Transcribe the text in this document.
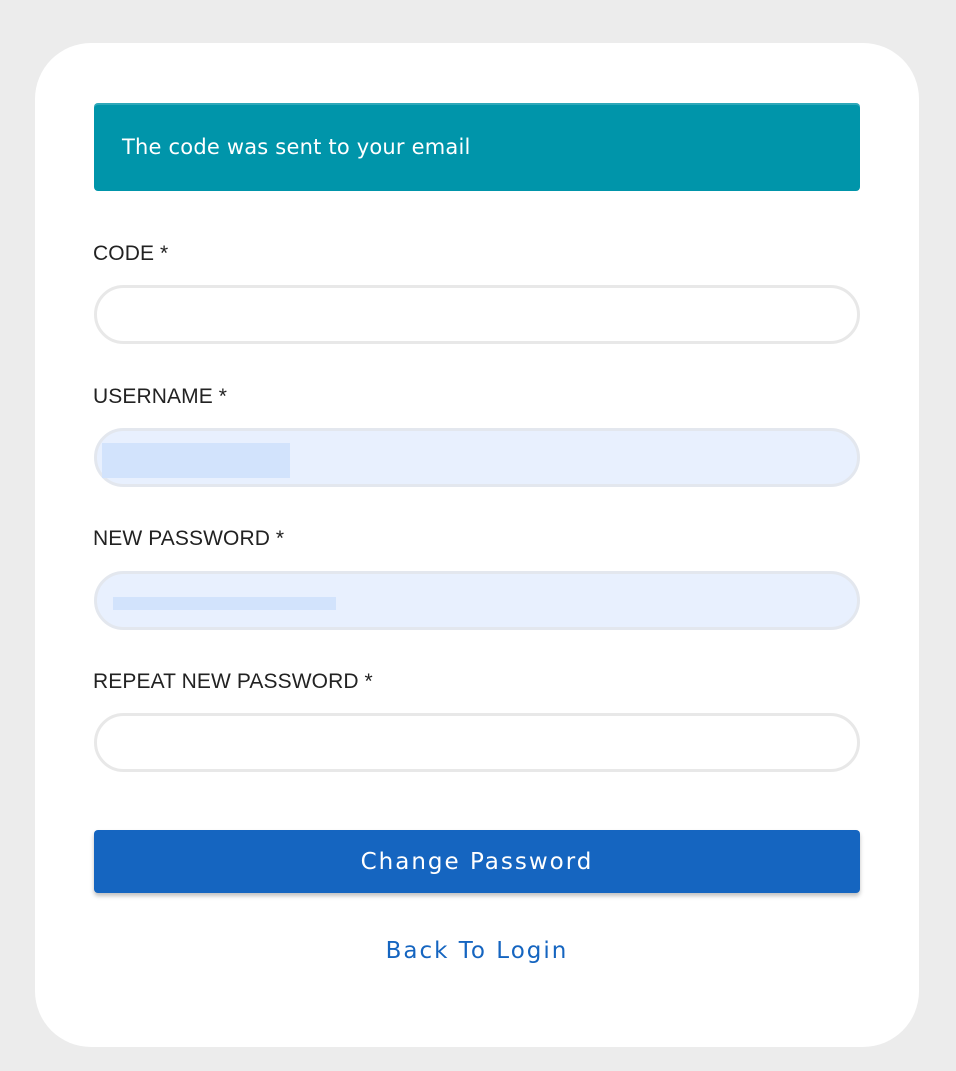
The code was sent to your email
CODE *
USERNAME *
NEW PASSWORD *
REPEAT NEW PASSWORD *
Change Password
Back To Login
